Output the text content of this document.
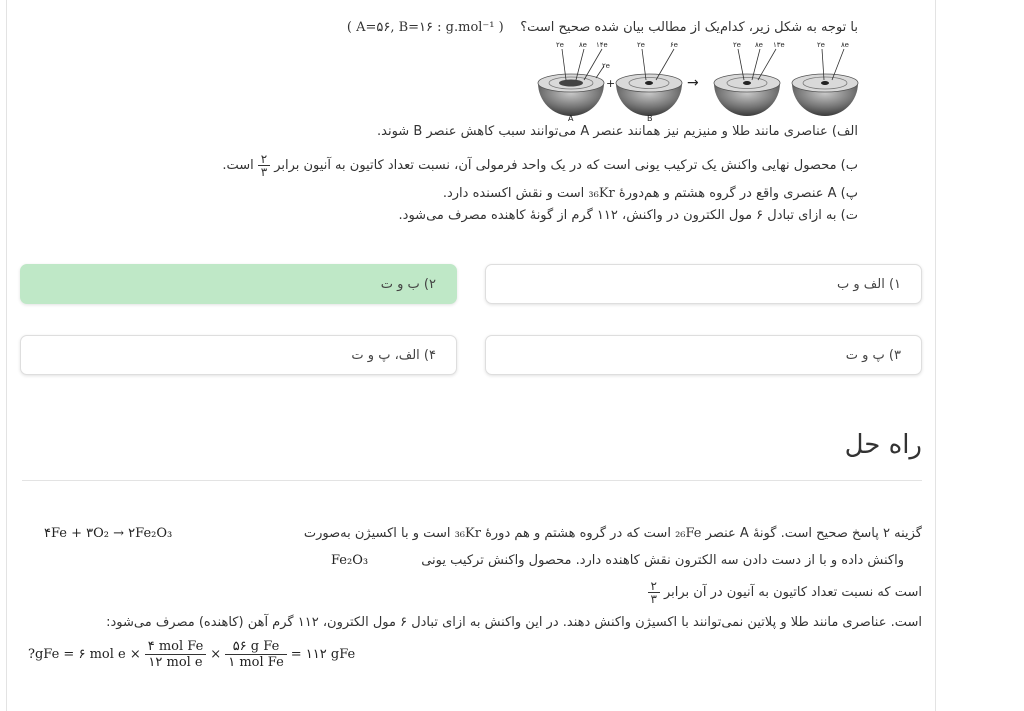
با توجه به شکل زیر، کدام‌یک از مطالب بیان شده صحیح است؟    ( A=۵۶, B=۱۶ : g.mol⁻¹ )
۲e ۸e ۱۴e
۲e
۲e	۶e	۲e ۸e ۱۳e	۲e ۸e
+	→
A	B
الف) عناصری مانند طلا و منیزیم نیز همانند عنصر A می‌توانند سبب کاهش عنصر B شوند.
ب) محصول نهایی واکنش یک ترکیب یونی است که در یک واحد فرمولی آن، نسبت تعداد کاتیون به آنیون برابر
$\frac{۲}{۳}$
است.
پ) A عنصری واقع در گروه هشتم و هم‌دورهٔ ₃₆Kr است و نقش اکسنده دارد.
ت) به ازای تبادل ۶ مول الکترون در واکنش، ۱۱۲ گرم از گونهٔ کاهنده مصرف می‌شود.
۱) الف و ب
۲) ب و ت
۳) پ و ت
۴) الف، پ و ت
راه حل
گزینه ۲ پاسخ صحیح است. گونهٔ A عنصر ₂₆Fe است که در گروه هشتم و هم دورهٔ ₃₆Kr است و با اکسیژن به‌صورت
۴Fe + ۳O₂ → ۲Fe₂O₃
واکنش داده و با از دست دادن سه الکترون نقش کاهنده دارد. محصول واکنش ترکیب یونی
Fe₂O₃
است که نسبت تعداد کاتیون به آنیون در آن برابر
$\frac{۲}{۳}$
است. عناصری مانند طلا و پلاتین نمی‌توانند با اکسیژن واکنش دهند. در این واکنش به ازای تبادل ۶ مول الکترون، ۱۱۲ گرم آهن (کاهنده) مصرف می‌شود:
?gFe = ۶ mol $e \times \frac{\text{۴ mol Fe}}{\text{۱۲ mol e}} \times \frac{\text{۵۶ g Fe}}{\text{۱ mol Fe}}$ = ۱۱۲ gFe
